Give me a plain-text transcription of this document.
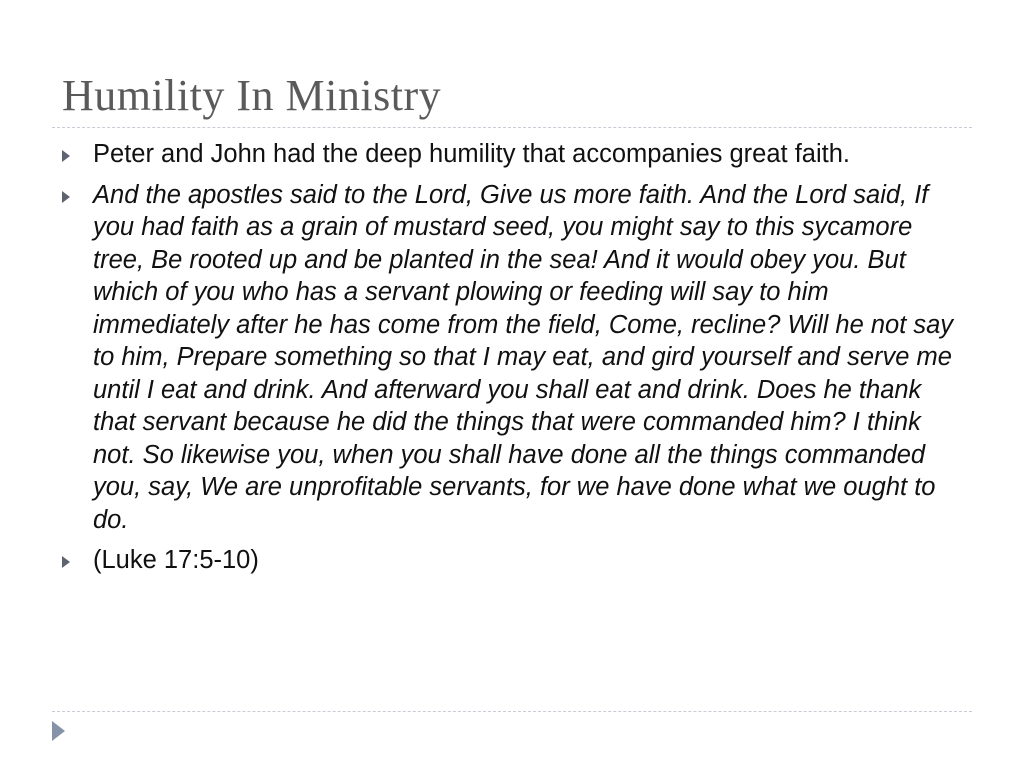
Humility In Ministry
Peter and John had the deep humility that accompanies great faith.
And the apostles said to the Lord, Give us more faith. And the Lord said, If you had faith as a grain of mustard seed, you might say to this sycamore tree, Be rooted up and be planted in the sea! And it would obey you. But which of you who has a servant plowing or feeding will say to him immediately after he has come from the field, Come, recline? Will he not say to him, Prepare something so that I may eat, and gird yourself and serve me until I eat and drink. And afterward you shall eat and drink. Does he thank that servant because he did the things that were commanded him? I think not. So likewise you, when you shall have done all the things commanded you, say, We are unprofitable servants, for we have done what we ought to do.
(Luke 17:5-10)
